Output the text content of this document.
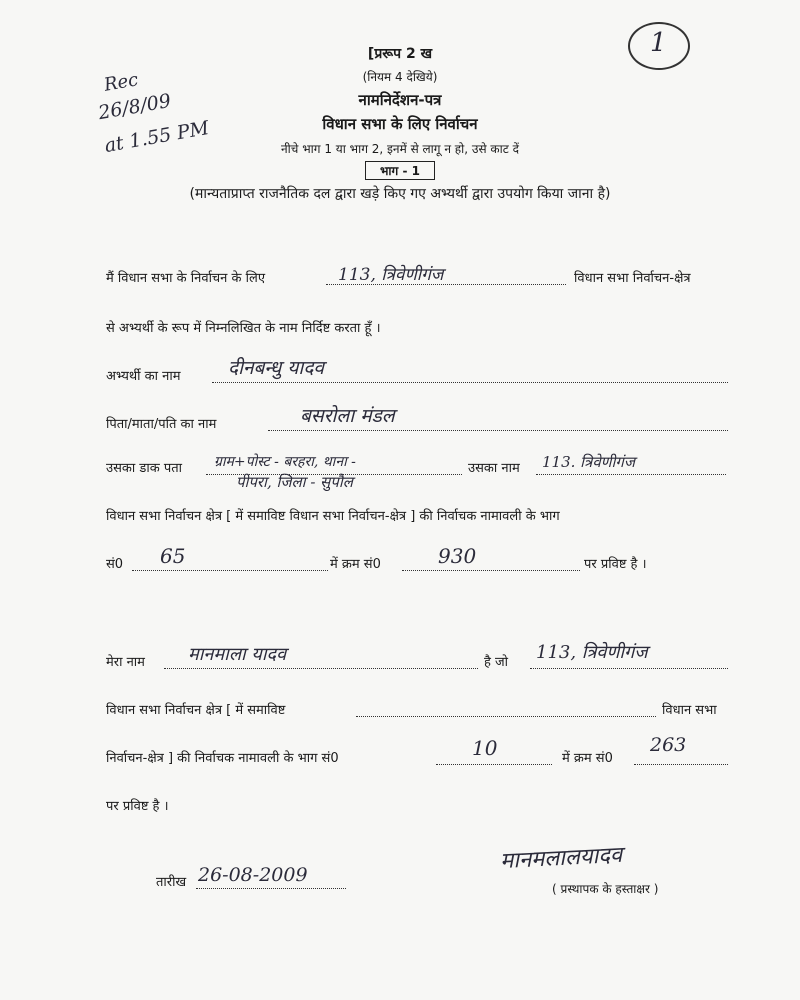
1
Rec
26/8/09
at 1.55 PM
[प्ररूप 2 ख
(नियम 4 देखिये)
नामनिर्देशन-पत्र
विधान सभा के लिए निर्वाचन
नीचे भाग 1 या भाग 2, इनमें से लागू न हो, उसे काट दें
भाग - 1
(मान्यताप्राप्त राजनैतिक दल द्वारा खड़े किए गए अभ्यर्थी द्वारा उपयोग किया जाना है)
मैं विधान सभा के निर्वाचन के लिए	113, त्रिवेणीगंज	विधान सभा निर्वाचन-क्षेत्र
से अभ्यर्थी के रूप में निम्नलिखित के नाम निर्दिष्ट करता हूँ ।
अभ्यर्थी का नाम दीनबन्धु यादव
पिता/माता/पति का नाम	बसरोला मंडल
उसका डाक पता ग्राम+पोस्ट - बरहरा, थाना -
पीपरा, जिला - सुपौल
उसका नाम 113. त्रिवेणीगंज
विधान सभा निर्वाचन क्षेत्र [ में समाविष्ट विधान सभा निर्वाचन-क्षेत्र ] की निर्वाचक नामावली के भाग
सं0 65	में क्रम सं0	930	पर प्रविष्ट है ।
मेरा नाम मानमाला यादव	है जो 113, त्रिवेणीगंज
विधान सभा निर्वाचन क्षेत्र [ में समाविष्ट	विधान सभा
निर्वाचन-क्षेत्र ] की निर्वाचक नामावली के भाग सं0	10	में क्रम सं0
263
पर प्रविष्ट है ।
मानमलालयादव
( प्रस्थापक के हस्ताक्षर )
तारीख 26-08-2009
